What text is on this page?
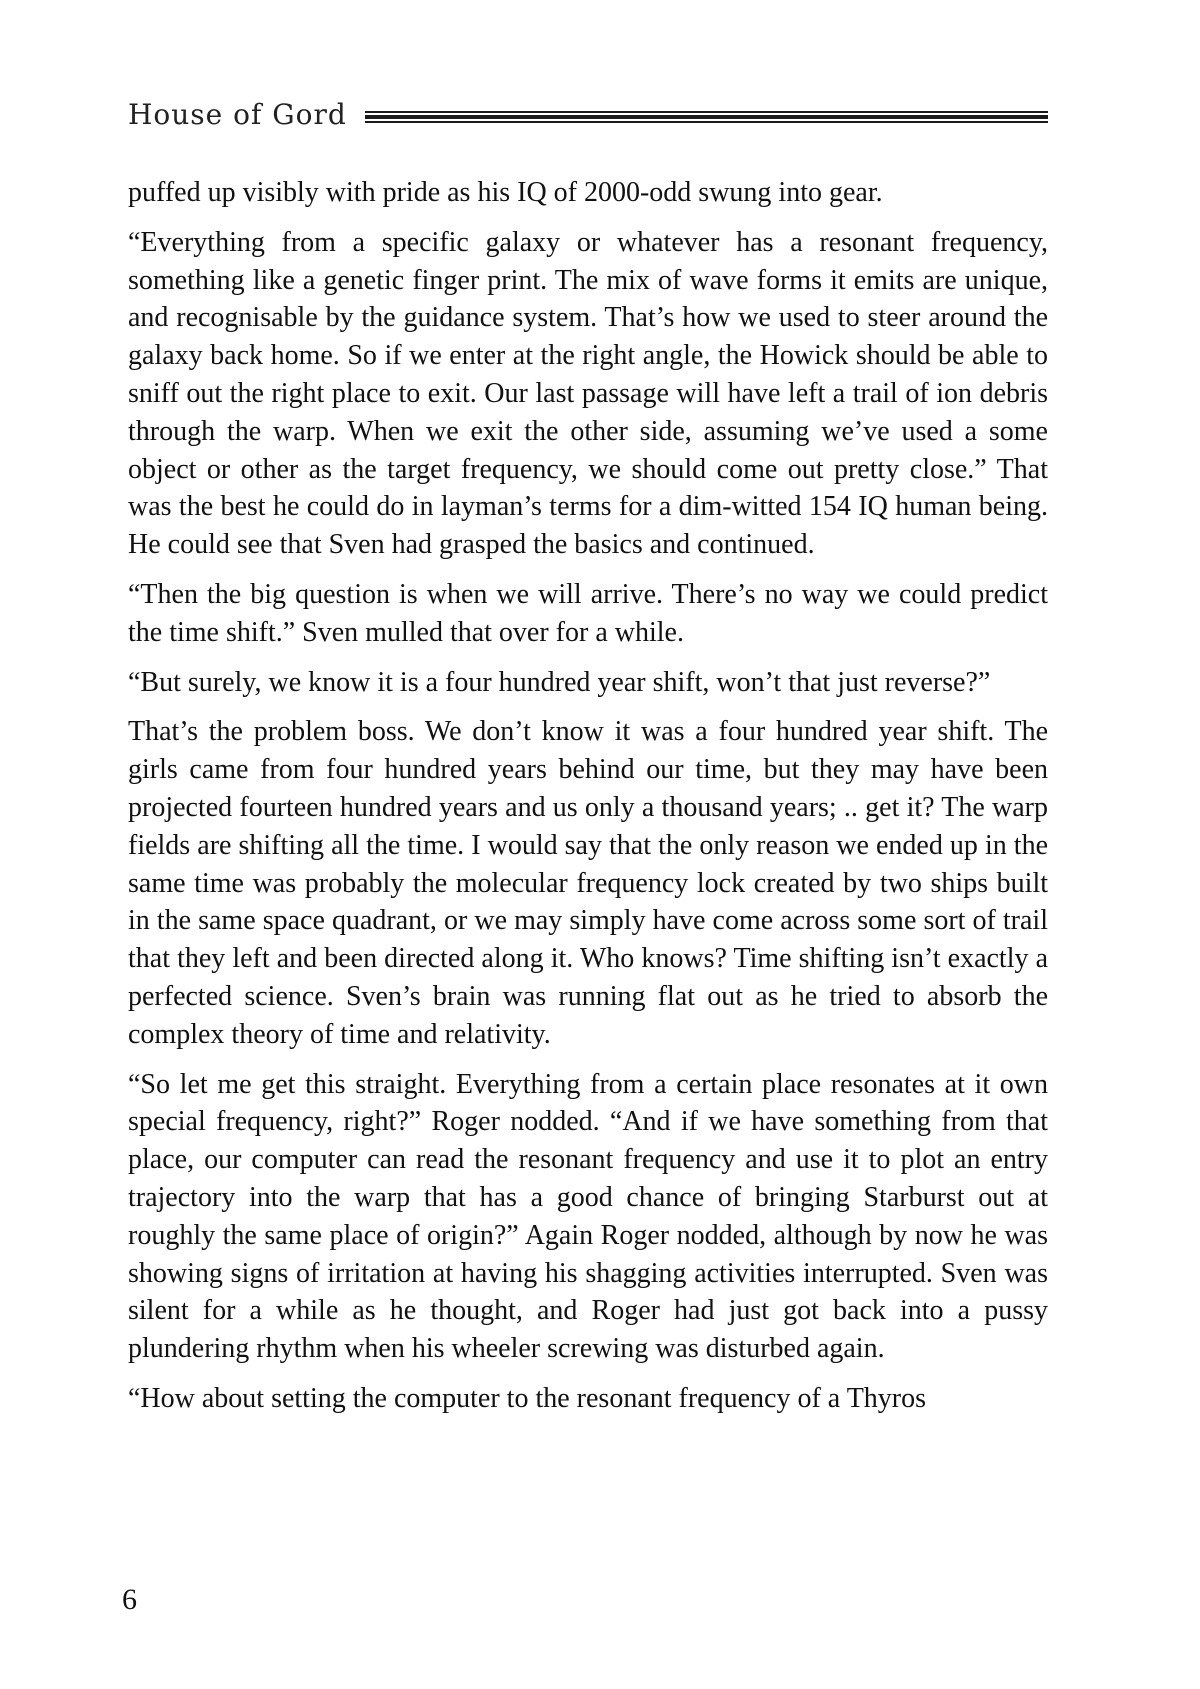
House of Gord

puffed up visibly with pride as his IQ of 2000-odd swung into gear.

“Everything from a specific galaxy or whatever has a resonant frequency, something like a genetic finger print. The mix of wave forms it emits are unique, and recognisable by the guidance system. That’s how we used to steer around the galaxy back home. So if we enter at the right angle, the Howick should be able to sniff out the right place to exit. Our last passage will have left a trail of ion debris through the warp. When we exit the other side, assuming we’ve used a some object or other as the target frequency, we should come out pretty close.” That was the best he could do in layman’s terms for a dim-witted 154 IQ human being. He could see that Sven had grasped the basics and continued.

“Then the big question is when we will arrive. There’s no way we could predict the time shift.” Sven mulled that over for a while.

“But surely, we know it is a four hundred year shift, won’t that just reverse?”

That’s the problem boss. We don’t know it was a four hundred year shift. The girls came from four hundred years behind our time, but they may have been projected fourteen hundred years and us only a thousand years; .. get it? The warp fields are shifting all the time. I would say that the only reason we ended up in the same time was probably the molecular frequency lock created by two ships built in the same space quadrant, or we may simply have come across some sort of trail that they left and been directed along it. Who knows? Time shifting isn’t exactly a perfected science. Sven’s brain was running flat out as he tried to absorb the complex theory of time and relativity.

“So let me get this straight. Everything from a certain place resonates at it own special frequency, right?” Roger nodded. “And if we have something from that place, our computer can read the resonant frequency and use it to plot an entry trajectory into the warp that has a good chance of bringing Starburst out at roughly the same place of origin?” Again Roger nodded, although by now he was showing signs of irritation at having his shagging activities interrupted. Sven was silent for a while as he thought, and Roger had just got back into a pussy plundering rhythm when his wheeler screwing was disturbed again.

“How about setting the computer to the resonant frequency of a Thyros

6
